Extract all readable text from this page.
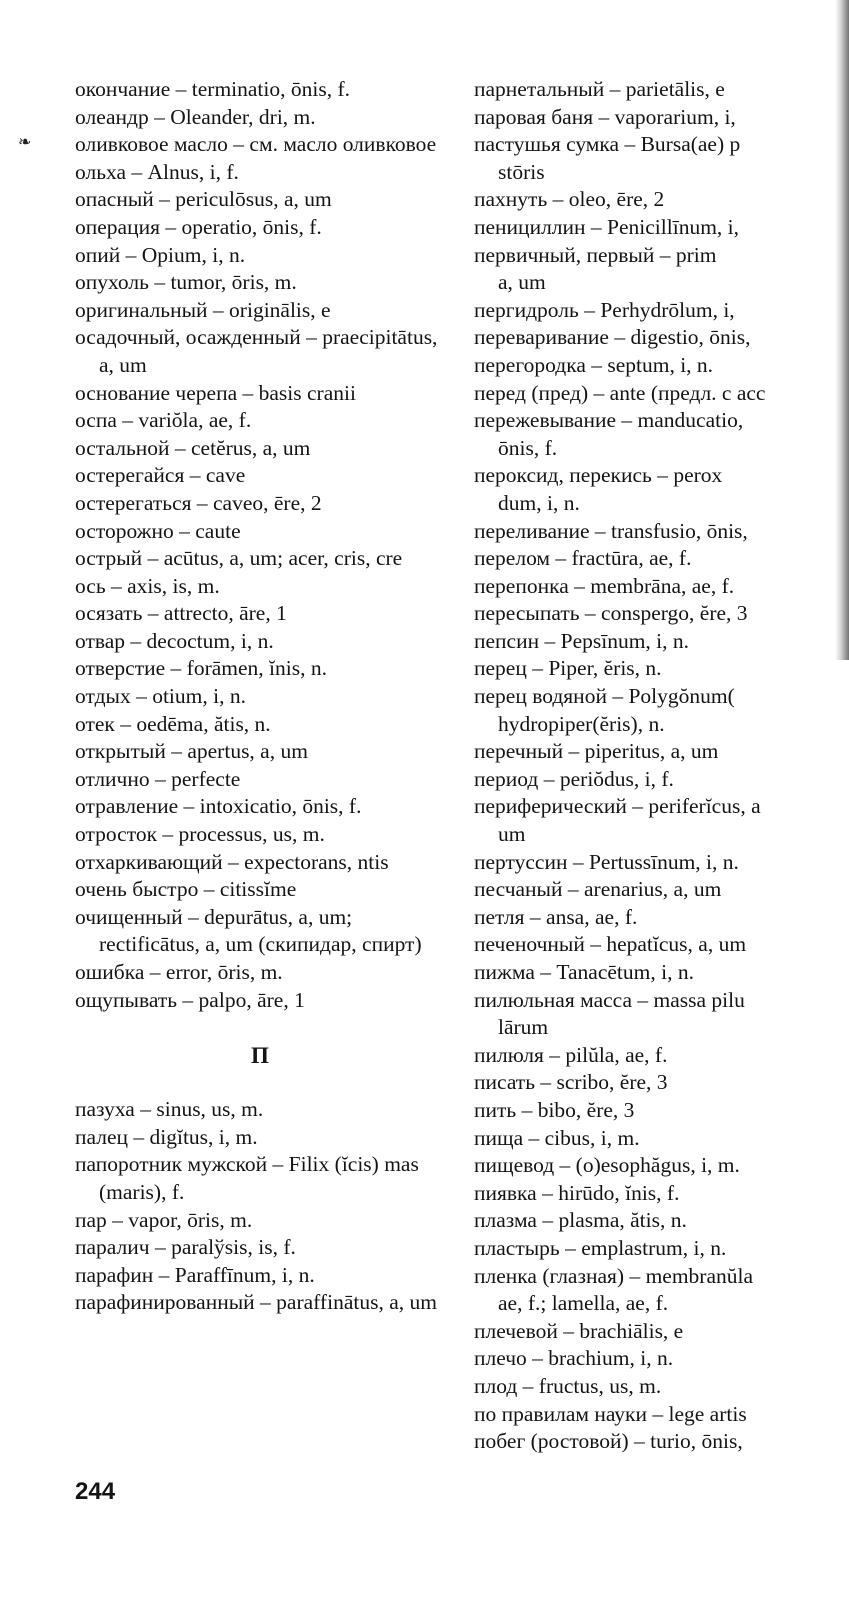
окончание – terminatio, ōnis, f.

олеандр – Oleander, dri, m.

оливковое масло – см. масло оливковое

ольха – Alnus, i, f.

опасный – periculōsus, a, um

операция – operatio, ōnis, f.

опий – Opium, i, n.

опухоль – tumor, ōris, m.

оригинальный – originālis, e

осадочный, осажденный – praecipitātus, a, um

основание черепа – basis cranii

оспа – variŏla, ae, f.

остальной – cetĕrus, a, um

остерегайся – cave

остерегаться – caveo, ēre, 2

осторожно – caute

острый – acūtus, a, um; acer, cris, cre

ось – axis, is, m.

осязать – attrecto, āre, 1

отвар – decoctum, i, n.

отверстие – forāmen, ĭnis, n.

отдых – otium, i, n.

отек – oedēma, ătis, n.

открытый – apertus, a, um

отлично – perfecte

отравление – intoxicatio, ōnis, f.

отросток – processus, us, m.

отхаркивающий – expectorans, ntis

очень быстро – citissĭme

очищенный – depurātus, a, um; rectificātus, a, um (скипидар, спирт)

ошибка – error, ōris, m.

ощупывать – palpo, āre, 1

П

пазуха – sinus, us, m.

палец – digĭtus, i, m.

папоротник мужской – Filix (ĭcis) mas (maris), f.

пар – vapor, ōris, m.

паралич – paralўsis, is, f.

парафин – Paraffīnum, i, n.

парафинированный – paraffinātus, a, um

парнетальный – parietālis, e

паровая баня – vaporarium, i,

пастушья сумка – Bursa(ae) p
stōris

пахнуть – oleo, ēre, 2

пенициллин – Penicillīnum, i,

первичный, первый – prim
a, um

пергидроль – Perhydrōlum, i,

переваривание – digestio, ōnis,

перегородка – septum, i, n.

перед (пред) – ante (предл. с acc

пережевывание – manducatio,
ōnis, f.

пероксид, перекись – perox
dum, i, n.

переливание – transfusio, ōnis,

перелом – fractūra, ae, f.

перепонка – membrāna, ae, f.

пересыпать – conspergo, ĕre, 3

пепсин – Pepsīnum, i, n.

перец – Piper, ĕris, n.

перец водяной – Polygŏnum(
hydropiper(ĕris), n.

перечный – piperitus, a, um

период – periŏdus, i, f.

периферический – periferĭcus, a
um

пертуссин – Pertussīnum, i, n.

песчаный – arenarius, a, um

петля – ansa, ae, f.

печеночный – hepatĭcus, a, um

пижма – Tanacētum, i, n.

пилюльная масса – massa pilu
lārum

пилюля – pilŭla, ae, f.

писать – scribo, ĕre, 3

пить – bibo, ĕre, 3

пища – cibus, i, m.

пищевод – (o)esophăgus, i, m.

пиявка – hirūdo, ĭnis, f.

плазма – plasma, ătis, n.

пластырь – emplastrum, i, n.

пленка (глазная) – membranŭla
ae, f.; lamella, ae, f.

плечевой – brachiālis, e

плечо – brachium, i, n.

плод – fructus, us, m.

по правилам науки – lege artis

побег (ростовой) – turio, ōnis,

244
❧
